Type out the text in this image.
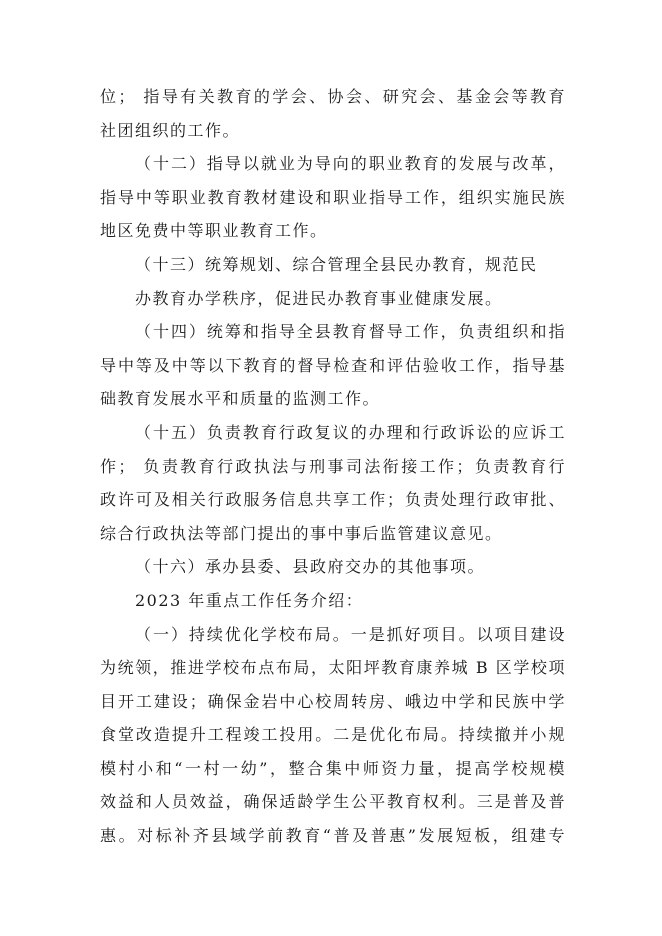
位； 指导有关教育的学会、协会、研究会、基金会等教育
社团组织的工作。
（十二）指导以就业为导向的职业教育的发展与改革，
指导中等职业教育教材建设和职业指导工作，组织实施民族
地区免费中等职业教育工作。
（十三）统筹规划、综合管理全县民办教育，规范民
办教育办学秩序，促进民办教育事业健康发展。
（十四）统筹和指导全县教育督导工作，负责组织和指
导中等及中等以下教育的督导检查和评估验收工作，指导基
础教育发展水平和质量的监测工作。
（十五）负责教育行政复议的办理和行政诉讼的应诉工
作； 负责教育行政执法与刑事司法衔接工作；负责教育行
政许可及相关行政服务信息共享工作；负责处理行政审批、
综合行政执法等部门提出的事中事后监管建议意见。
（十六）承办县委、县政府交办的其他事项。
2023 年重点工作任务介绍：
（一）持续优化学校布局。一是抓好项目。以项目建设
为统领，推进学校布点布局，太阳坪教育康养城 B 区学校项
目开工建设；确保金岩中心校周转房、峨边中学和民族中学
食堂改造提升工程竣工投用。二是优化布局。持续撤并小规
模村小和“一村一幼”，整合集中师资力量，提高学校规模
效益和人员效益，确保适龄学生公平教育权利。三是普及普
惠。对标补齐县域学前教育“普及普惠”发展短板，组建专
